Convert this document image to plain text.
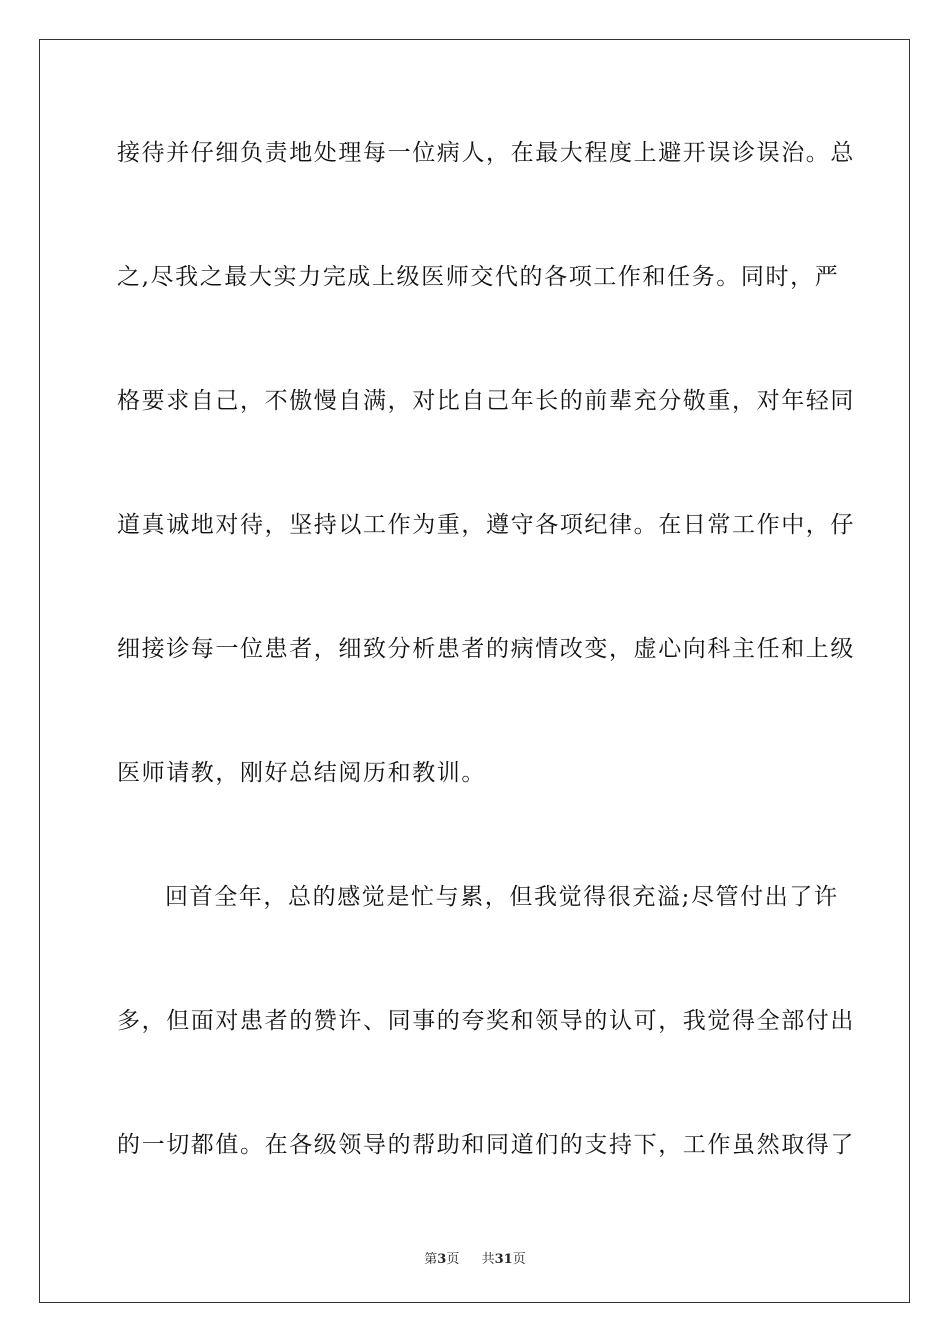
接待并仔细负责地处理每一位病人，在最大程度上避开误诊误治。总
之,尽我之最大实力完成上级医师交代的各项工作和任务。同时，严
格要求自己，不傲慢自满，对比自己年长的前辈充分敬重，对年轻同
道真诚地对待，坚持以工作为重，遵守各项纪律。在日常工作中，仔
细接诊每一位患者，细致分析患者的病情改变，虚心向科主任和上级
医师请教，刚好总结阅历和教训。
回首全年，总的感觉是忙与累，但我觉得很充溢;尽管付出了许
多，但面对患者的赞许、同事的夸奖和领导的认可，我觉得全部付出
的一切都值。在各级领导的帮助和同道们的支持下，工作虽然取得了
第3页 共31页
